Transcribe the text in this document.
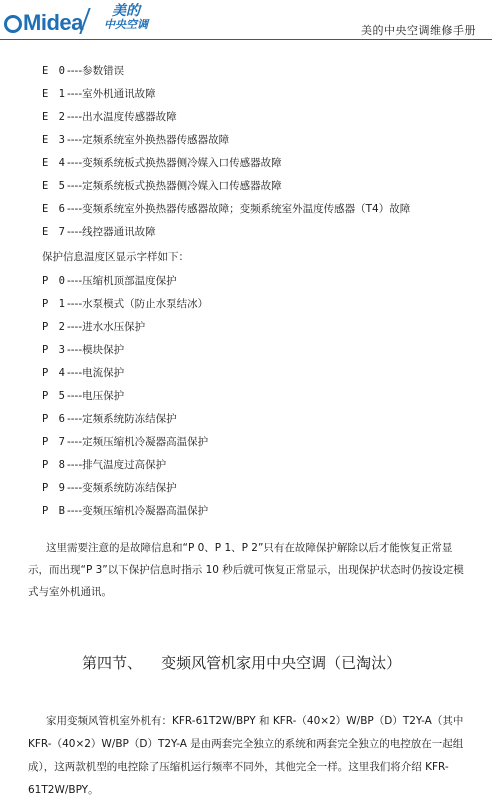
Midea	美的
中央空调	美的中央空调维修手册
E 0----参数错误
E 1----室外机通讯故障
E 2----出水温度传感器故障
E 3----定频系统室外换热器传感器故障
E 4----变频系统板式换热器侧冷媒入口传感器故障
E 5----定频系统板式换热器侧冷媒入口传感器故障
E 6----变频系统室外换热器传感器故障；变频系统室外温度传感器（T4）故障
E 7----线控器通讯故障
保护信息温度区显示字样如下：
P 0----压缩机顶部温度保护
P 1----水泵模式（防止水泵结冰）
P 2----进水水压保护
P 3----模块保护
P 4----电流保护
P 5----电压保护
P 6----定频系统防冻结保护
P 7----定频压缩机冷凝器高温保护
P 8----排气温度过高保护
P 9----变频系统防冻结保护
P B----变频压缩机冷凝器高温保护

这里需要注意的是故障信息和“P 0、P 1、P 2”只有在故障保护解除以后才能恢复正常显示，而出现“P 3”以下保护信息时指示 10 秒后就可恢复正常显示，出现保护状态时仍按设定模式与室外机通讯。

第四节、    变频风管机家用中央空调（已淘汰）

家用变频风管机室外机有：KFR-61T2W/BPY 和 KFR-（40×2）W/BP（D）T2Y-A（其中 KFR-（40×2）W/BP（D）T2Y-A 是由两套完全独立的系统和两套完全独立的电控放在一起组成），这两款机型的电控除了压缩机运行频率不同外，其他完全一样。这里我们将介绍 KFR-61T2W/BPY。
